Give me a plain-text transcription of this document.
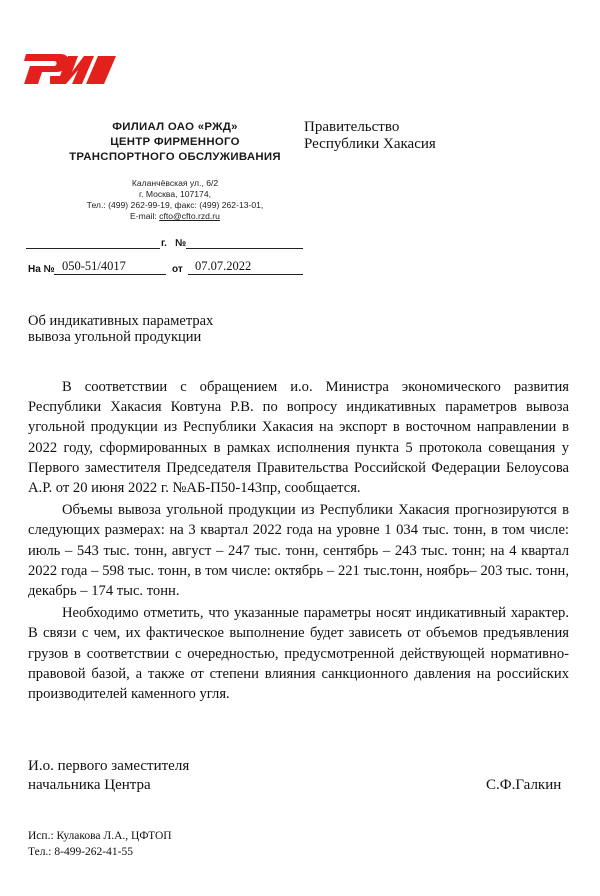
РЖД
ФИЛИАЛ ОАО «РЖД»
ЦЕНТР ФИРМЕННОГО
ТРАНСПОРТНОГО ОБСЛУЖИВАНИЯ
Каланчёвская ул., 6/2
г. Москва, 107174,
Тел.: (499) 262-99-19, факс: (499) 262-13-01,
E-mail: cfto@cfto.rzd.ru
Правительство
Республики Хакасия
г. №
На № 050-51/4017	от 07.07.2022
Об индикативных параметрах
вывоза угольной продукции

В соответствии с обращением и.о. Министра экономического развития Республики Хакасия Ковтуна Р.В. по вопросу индикативных параметров вывоза угольной продукции из Республики Хакасия на экспорт в восточном направлении в 2022 году, сформированных в рамках исполнения пункта 5 протокола совещания у Первого заместителя Председателя Правительства Российской Федерации Белоусова А.Р. от 20 июня 2022 г. №АБ-П50-143пр, сообщается.

Объемы вывоза угольной продукции из Республики Хакасия прогнозируются в следующих размерах: на 3 квартал 2022 года на уровне 1 034 тыс. тонн, в том числе: июль – 543 тыс. тонн, август – 247 тыс. тонн, сентябрь – 243 тыс. тонн; на 4 квартал 2022 года – 598 тыс. тонн, в том числе: октябрь – 221 тыс.тонн, ноябрь– 203 тыс. тонн, декабрь – 174 тыс. тонн.

Необходимо отметить, что указанные параметры носят индикативный характер. В связи с чем, их фактическое выполнение будет зависеть от объемов предъявления грузов в соответствии с очередностью, предусмотренной действующей нормативно-правовой базой, а также от степени влияния санкционного давления на российских производителей каменного угля.

И.о. первого заместителя
начальника Центра	С.Ф.Галкин
Исп.: Кулакова Л.А., ЦФТОП
Тел.: 8-499-262-41-55
